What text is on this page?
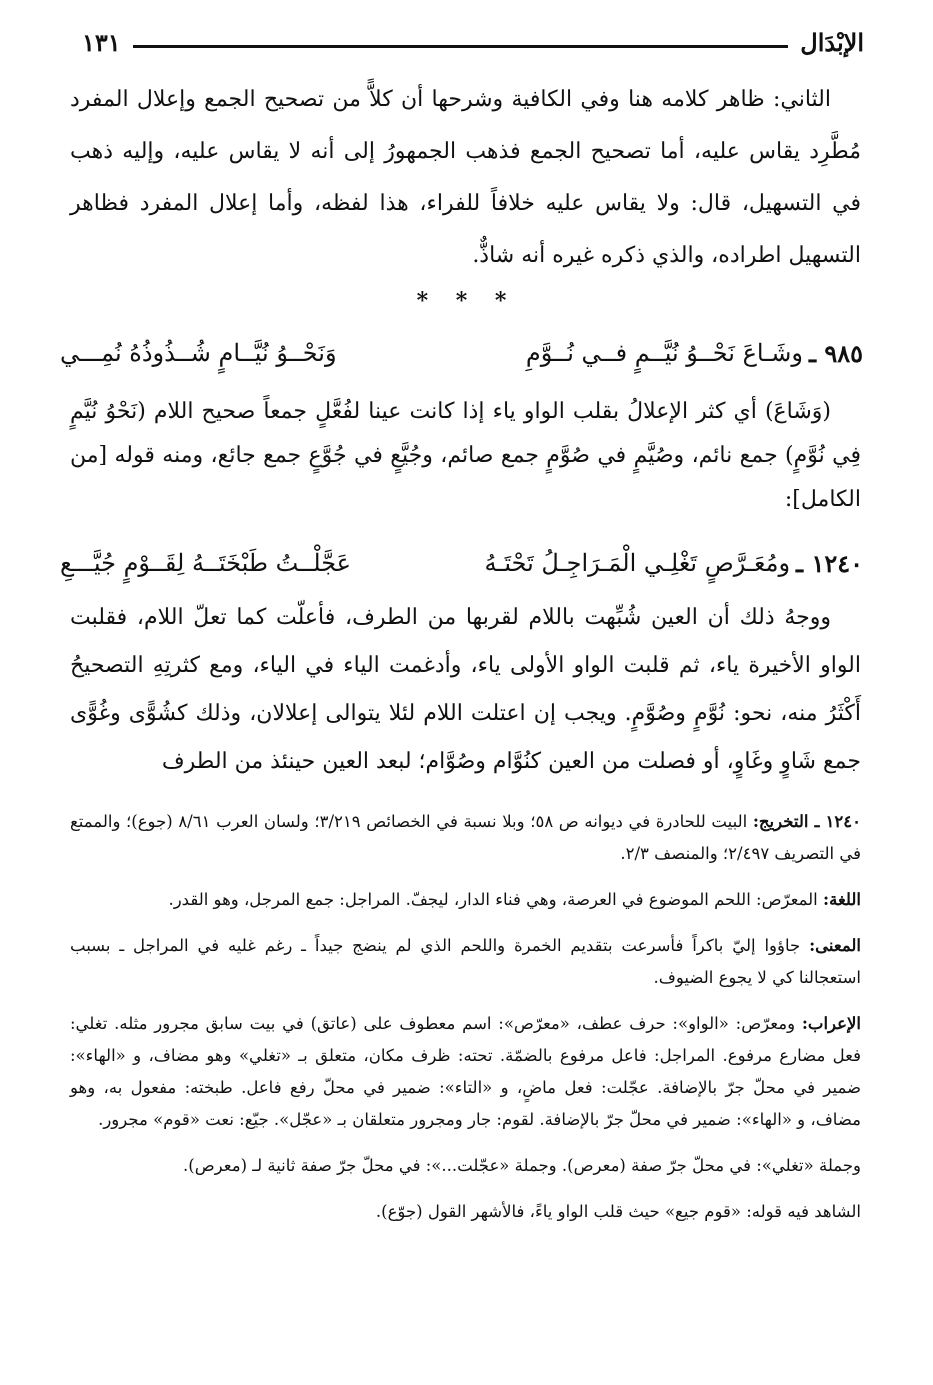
الإبْدَال
١٣١

الثاني: ظاهر كلامه هنا وفي الكافية وشرحها أن كلاًّ من تصحيح الجمع وإعلال المفرد مُطَّرِد يقاس عليه، أما تصحيح الجمع فذهب الجمهورُ إلى أنه لا يقاس عليه، وإليه ذهب في التسهيل، قال: ولا يقاس عليه خلافاً للفراء، هذا لفظه، وأما إعلال المفرد فظاهر التسهيل اطراده، والذي ذكره غيره أنه شاذٌّ.

* * *
٩٨٥ ـ
وشَـاعَ نَحْــوُ نُيَّــمٍ فــي نُــوَّمِ
وَنَحْــوُ نُيَّــامٍ شُــذُوذُهُ نُمِـــي

(وَشَاعَ) أي كثر الإعلالُ بقلب الواو ياء إذا كانت عينا لفُعَّلٍ جمعاً صحيح اللام (نَحْوُ نُيَّمٍ فِي نُوَّمٍ) جمع نائم، وصُيَّمٍ في صُوَّمٍ جمع صائم، وجُيَّعٍ في جُوَّعٍ جمع جائع، ومنه قوله [من الكامل]:

١٢٤٠ ـ
ومُعَـرَّصٍ تَغْلِـي الْمَـرَاجِـلُ تَحْتَـهُ
عَجَّلْــتُ طَبْخَتَــهُ لِقَــوْمٍ جُيَّـــعِ

ووجهُ ذلك أن العين شُبِّهت باللام لقربها من الطرف، فأعلّت كما تعلّ اللام، فقلبت الواو الأخيرة ياء، ثم قلبت الواو الأولى ياء، وأدغمت الياء في الياء، ومع كثرتِهِ التصحيحُ أَكْثَرُ منه، نحو: نُوَّمٍ وصُوَّمٍ. ويجب إن اعتلت اللام لئلا يتوالى إعلالان، وذلك كشُوًّى وغُوًّى جمع شَاوٍ وغَاوٍ، أو فصلت من العين كنُوَّام وصُوَّام؛ لبعد العين حينئذ من الطرف

١٢٤٠ ـ التخريج: البيت للحادرة في ديوانه ص ٥٨؛ وبلا نسبة في الخصائص ٣/٢١٩؛ ولسان العرب ٨/٦١ (جوع)؛ والممتع في التصريف ٢/٤٩٧؛ والمنصف ٢/٣.

اللغة: المعرّص: اللحم الموضوع في العرصة، وهي فناء الدار، ليجفّ. المراجل: جمع المرجل، وهو القدر.

المعنى: جاؤوا إليّ باكراً فأسرعت بتقديم الخمرة واللحم الذي لم ينضج جيداً ـ رغم غليه في المراجل ـ بسبب استعجالنا كي لا يجوع الضيوف.

الإعراب: ومعرّص: «الواو»: حرف عطف، «معرّص»: اسم معطوف على (عاتق) في بيت سابق مجرور مثله. تغلي: فعل مضارع مرفوع. المراجل: فاعل مرفوع بالضمّة. تحته: ظرف مكان، متعلق بـ «تغلي» وهو مضاف، و «الهاء»: ضمير في محلّ جرّ بالإضافة. عجّلت: فعل ماضٍ، و «التاء»: ضمير في محلّ رفع فاعل. طبخته: مفعول به، وهو مضاف، و «الهاء»: ضمير في محلّ جرّ بالإضافة. لقوم: جار ومجرور متعلقان بـ «عجّل». جيّع: نعت «قوم» مجرور.

وجملة «تغلي»: في محلّ جرّ صفة (معرص). وجملة «عجّلت...»: في محلّ جرّ صفة ثانية لـ (معرص).

الشاهد فيه قوله: «قوم جيع» حيث قلب الواو ياءً، فالأشهر القول (جوّع).
